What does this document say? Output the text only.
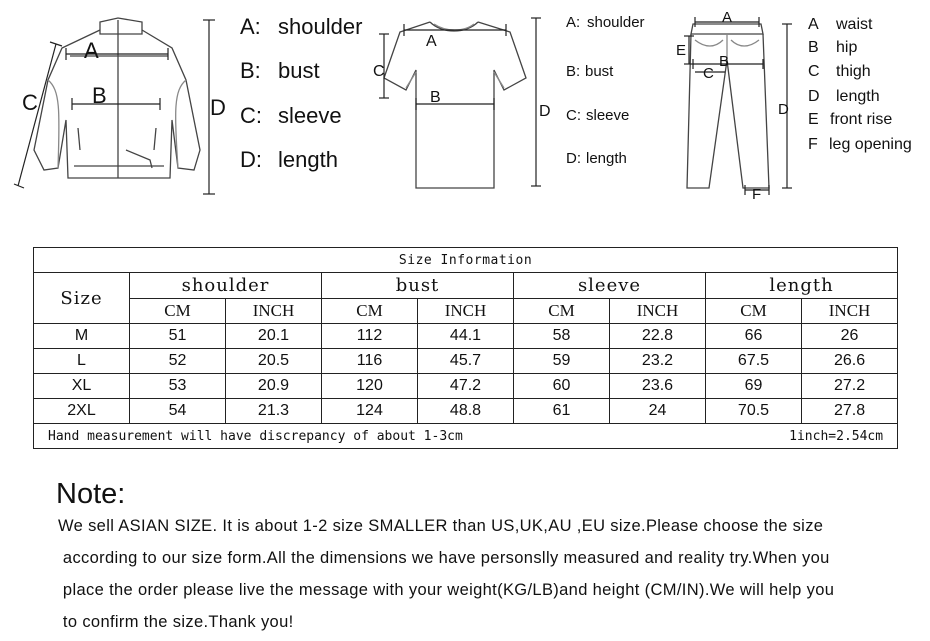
A
B
C	D
A: shoulder
B: bust
C: sleeve
D: length
A
B
C
D
A: shoulder
B: bust
C: sleeve
D: length
A
B
C
D
E
F
A waist
B hip
C thigh
D length
E front rise
F leg opening
Size Information								
Size	shoulder		bust		sleeve		length	
	CM	INCH	CM	INCH	CM	INCH	CM	INCH
M	51	20.1	112	44.1	58	22.8	66	26
L	52	20.5	116	45.7	59	23.2	67.5	26.6
XL	53	20.9	120	47.2	60	23.6	69	27.2
2XL	54	21.3	124	48.8	61	24	70.5	27.8

Hand measurement will have discrepancy of about 1-3cm 1inch=2.54cm								
Note:
We sell ASIAN SIZE. It is about 1-2 size SMALLER than US,UK,AU ,EU size.Please choose the size
according to our size form.All the dimensions we have personslly measured and reality try.When you
place the order please live the message with your weight(KG/LB)and height (CM/IN).We will help you
to confirm the size.Thank you!
